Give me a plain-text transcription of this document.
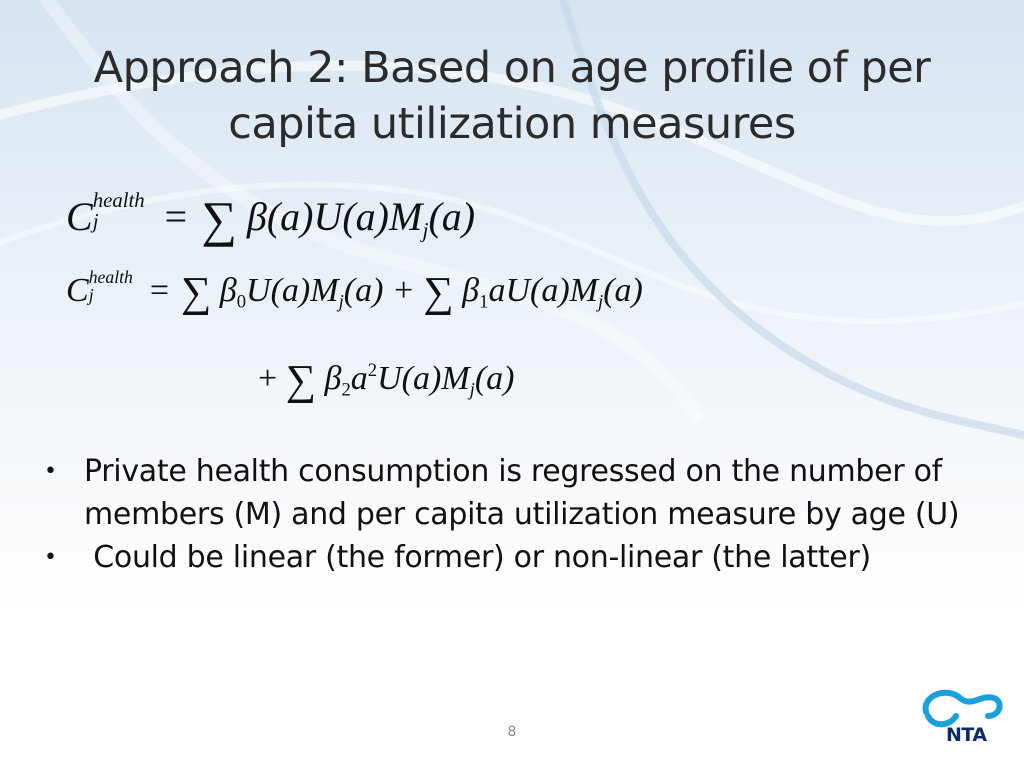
Approach 2: Based on age profile of per capita utilization measures
C health
j	= ∑ β(a)U(a)Mj(a)
C health
j	= ∑ β0U(a)Mj(a) + ∑ β1aU(a)Mj(a)
+ ∑ $\beta 2a^2U(a)Mj(a)$
• Private health consumption is regressed on the number of members (M) and per capita utilization measure by age (U)
• Could be linear (the former) or non-linear (the latter)
8	NTA
